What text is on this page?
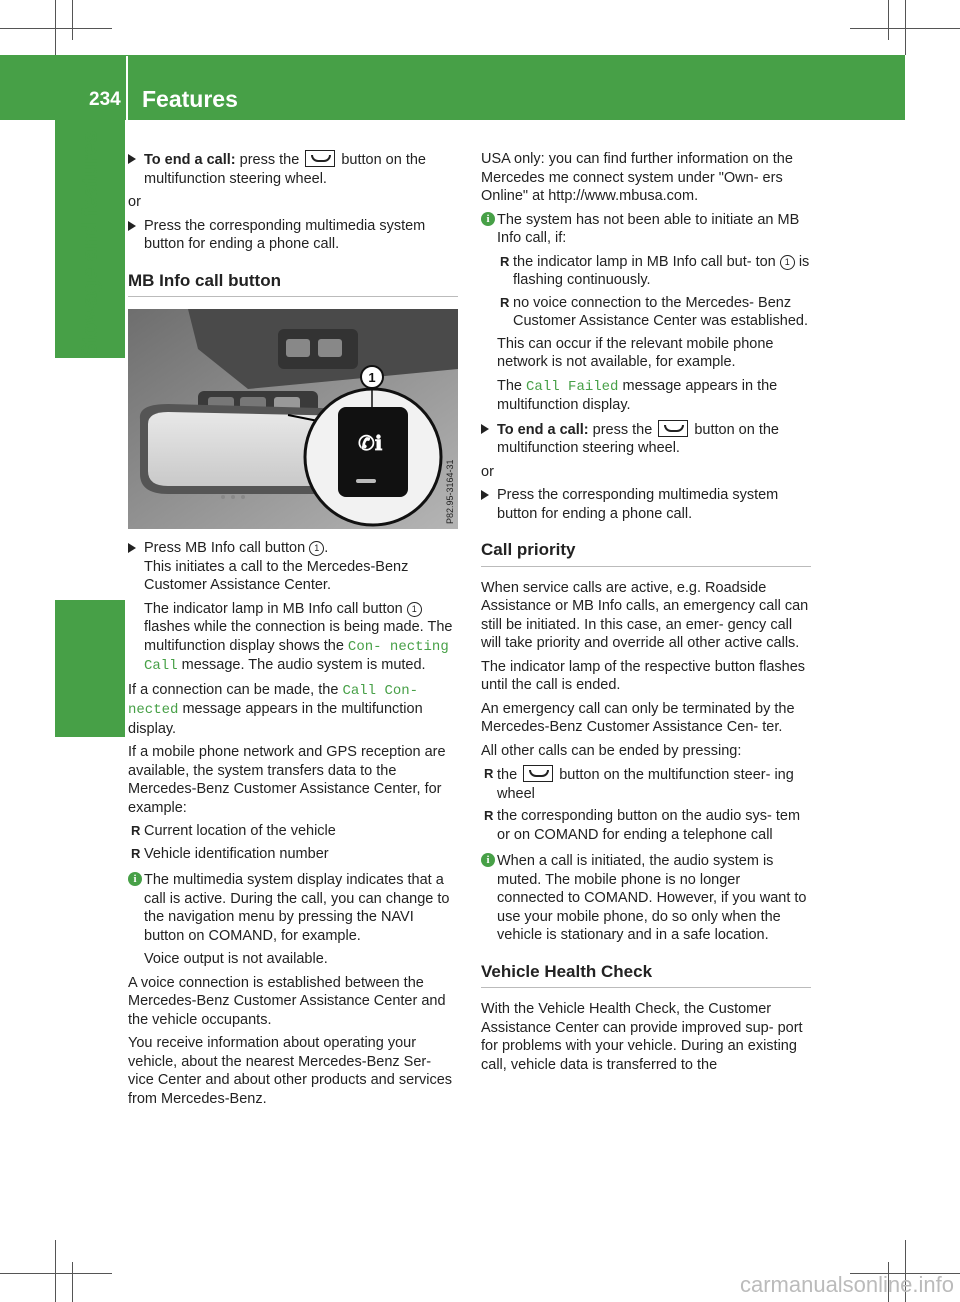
234 Features
Stowage and features	To end a call: press the	button on the multifunction steering wheel.

or

Press the corresponding multimedia system button for ending a phone call.
MB Info call button
1
P82.95-3164-31
✆ℹ
Press MB Info call button 1 .
This initiates a call to the Mercedes-Benz Customer Assistance Center.

The indicator lamp in MB Info call button 1 flashes while the connection is being made. The multifunction display shows the Con‑ necting Call message. The audio system is muted.

If a connection can be made, the Call Con‑ nected message appears in the multifunction display.

If a mobile phone network and GPS reception are available, the system transfers data to the Mercedes-Benz Customer Assistance Center, for example:

R Current location of the vehicle
R Vehicle identification number
i The multimedia system display indicates that a call is active. During the call, you can change to the navigation menu by pressing the NAVI button on COMAND, for example.

Voice output is not available.

A voice connection is established between the Mercedes-Benz Customer Assistance Center and the vehicle occupants.

You receive information about operating your vehicle, about the nearest Mercedes-Benz Ser- vice Center and about other products and services from Mercedes-Benz.

USA only: you can find further information on the Mercedes me connect system under "Own- ers Online" at http://www.mbusa.com.

i The system has not been able to initiate an MB Info call, if:
R the indicator lamp in MB Info call but- ton 1 is flashing continuously.
R no voice connection to the Mercedes- Benz Customer Assistance Center was established.

This can occur if the relevant mobile phone network is not available, for example.

The Call Failed message appears in the multifunction display.

To end a call: press the	button on the multifunction steering wheel.

or

Press the corresponding multimedia system button for ending a phone call.
Call priority

When service calls are active, e.g. Roadside Assistance or MB Info calls, an emergency call can still be initiated. In this case, an emer- gency call will take priority and override all other active calls.

The indicator lamp of the respective button flashes until the call is ended.

An emergency call can only be terminated by the Mercedes-Benz Customer Assistance Cen- ter.

All other calls can be ended by pressing:

R the	button on the multifunction steer- ing wheel
R the corresponding button on the audio sys- tem or on COMAND for ending a telephone call
i When a call is initiated, the audio system is muted. The mobile phone is no longer connected to COMAND. However, if you want to use your mobile phone, do so only when the vehicle is stationary and in a safe location.
Vehicle Health Check

With the Vehicle Health Check, the Customer Assistance Center can provide improved sup- port for problems with your vehicle. During an existing call, vehicle data is transferred to the

carmanualsonline.info
